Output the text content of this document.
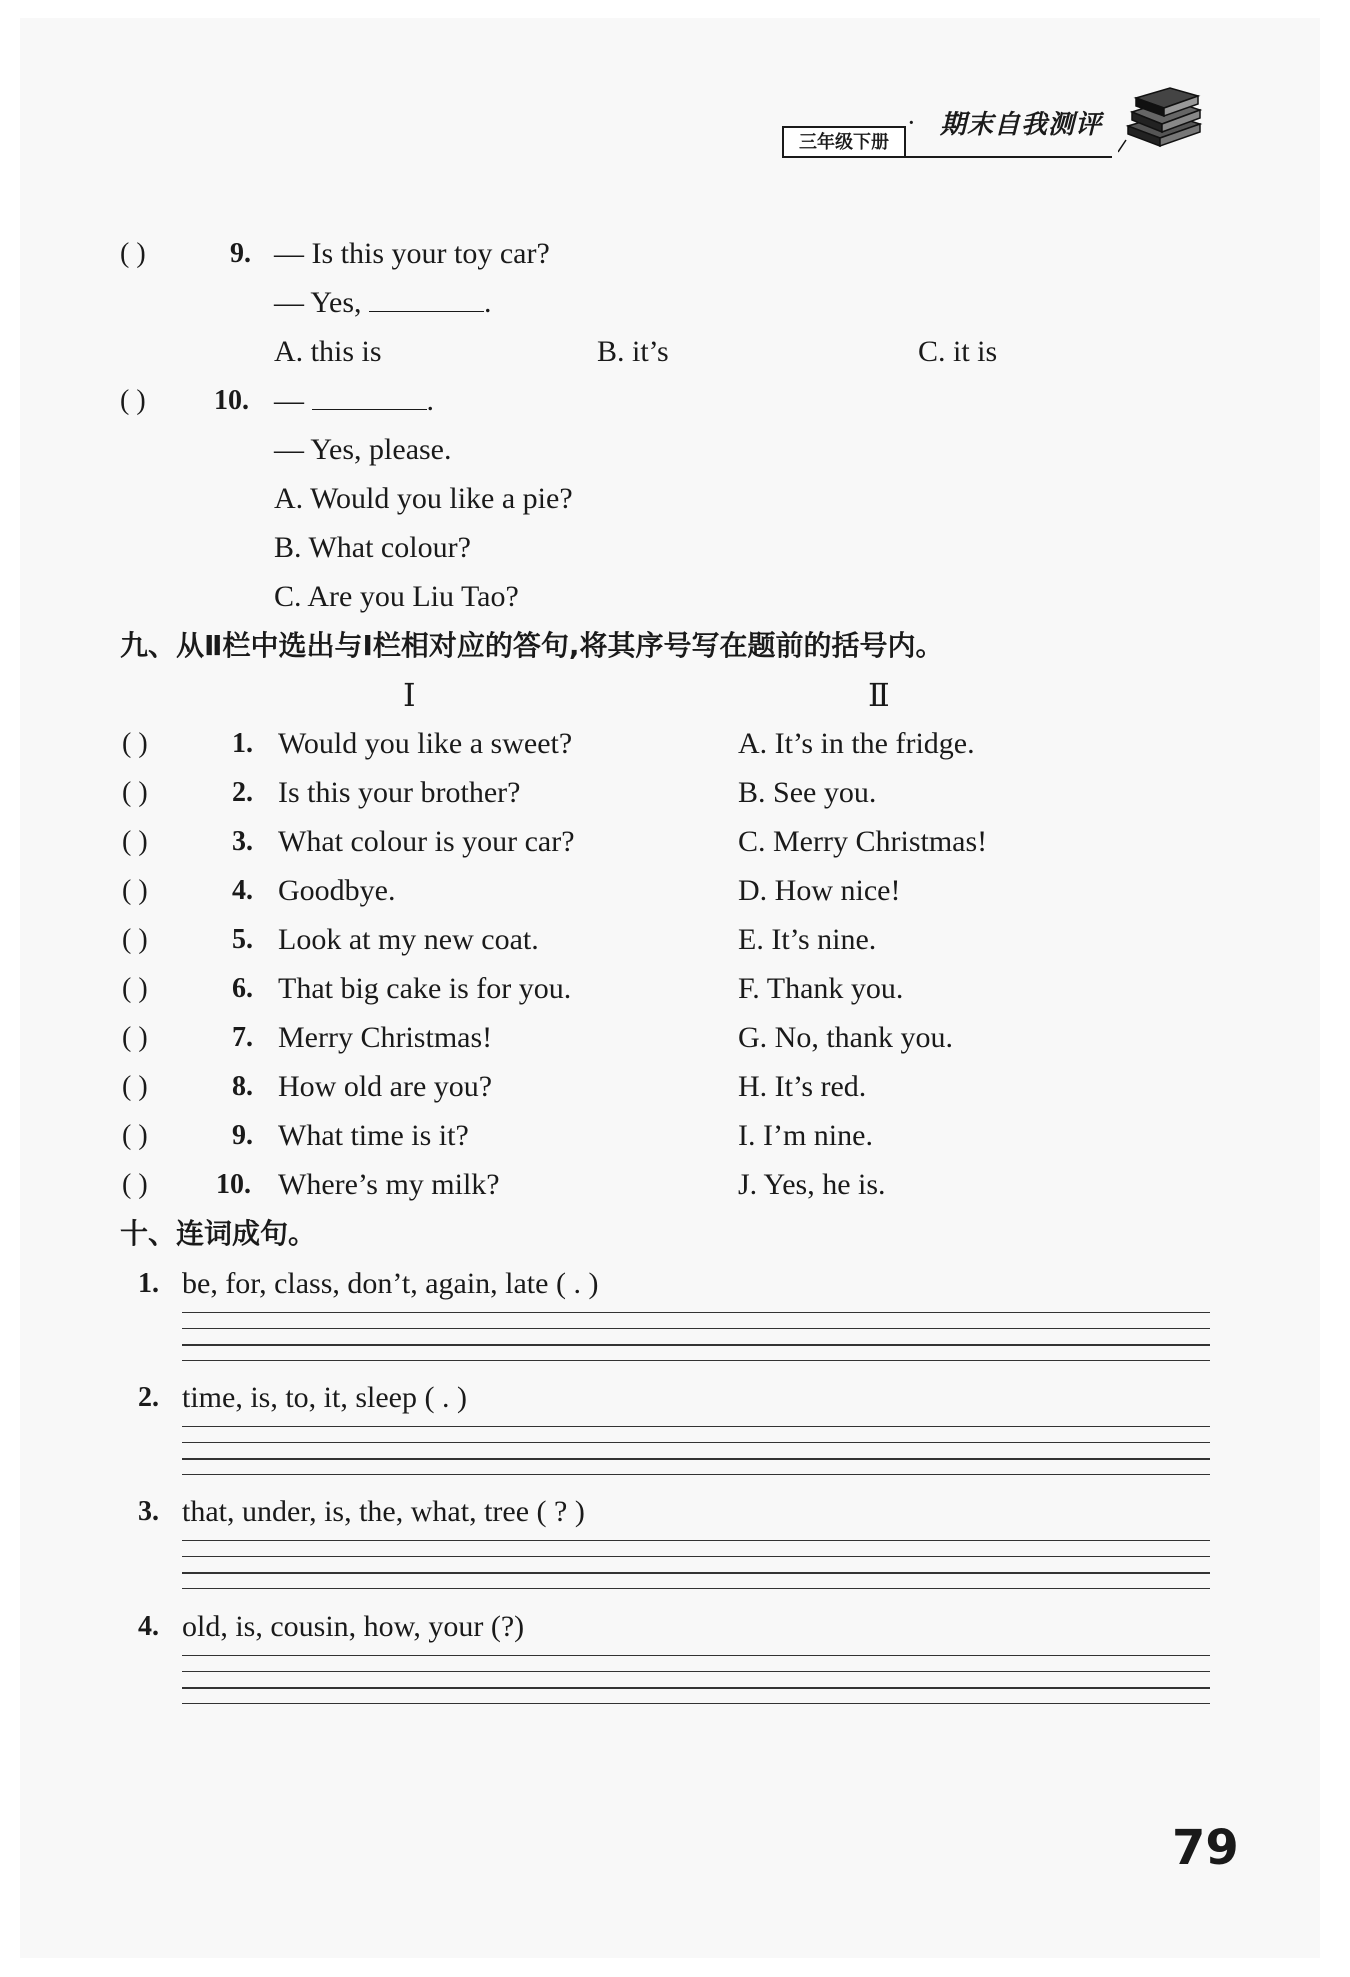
三年级下册
· 期末自我测评
( )	9. — Is this your toy car?
— Yes,	.
A. this is	B. it’s	C. it is
( ) 10. —	.
— Yes, please.
A. Would you like a pie?
B. What colour?
C. Are you Liu Tao?
九、从Ⅱ栏中选出与Ⅰ栏相对应的答句,将其序号写在题前的括号内。
Ⅰ	Ⅱ
( )	1. Would you like a sweet?	A. It’s in the fridge.
( )	2. Is this your brother?	B. See you.
( )	3. What colour is your car?	C. Merry Christmas!
( )	4. Goodbye.	D. How nice!
( )	5. Look at my new coat.	E. It’s nine.
( )	6. That big cake is for you.	F. Thank you.
( )	7. Merry Christmas!	G. No, thank you.
( )	8. How old are you?	H. It’s red.
( )	9. What time is it?	I. I’m nine.
( ) 10. Where’s my milk?	J. Yes, he is.
十、连词成句。
1. be, for, class, don’t, again, late ( . )
2. time, is, to, it, sleep ( . )
3. that, under, is, the, what, tree ( ? )
4. old, is, cousin, how, your (?)
79
